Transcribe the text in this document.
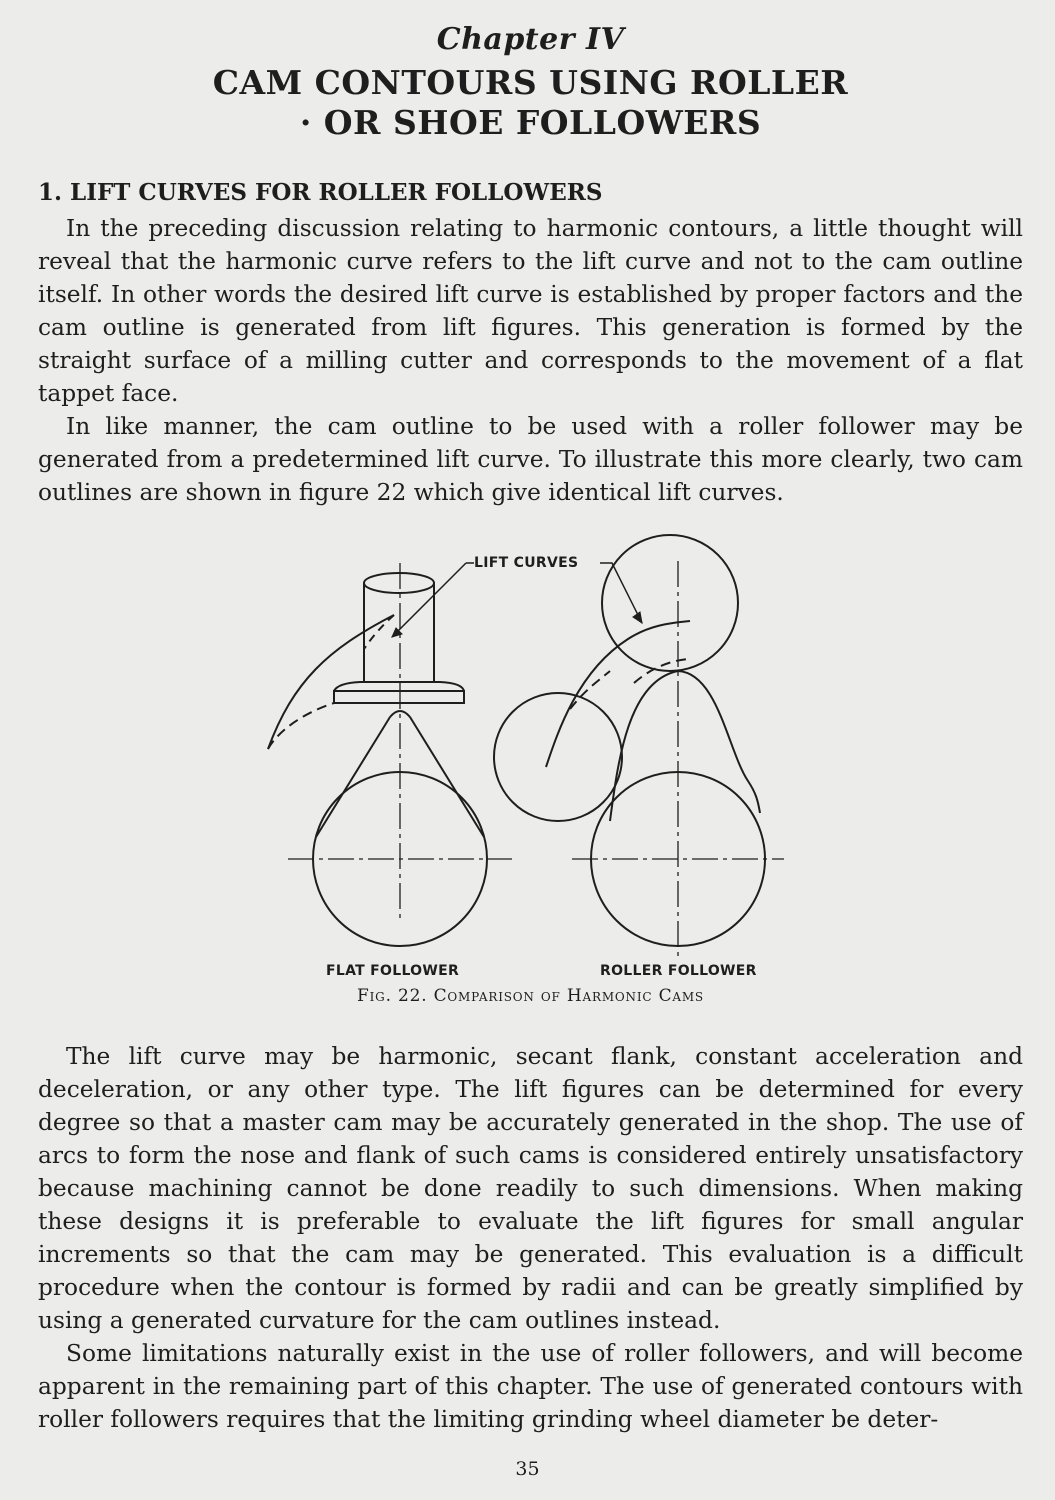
Chapter IV
CAM CONTOURS USING ROLLER
· OR SHOE FOLLOWERS
1. LIFT CURVES FOR ROLLER FOLLOWERS

In the preceding discussion relating to harmonic contours, a little thought will reveal that the harmonic curve refers to the lift curve and not to the cam outline itself. In other words the desired lift curve is established by proper factors and the cam outline is generated from lift figures. This generation is formed by the straight surface of a milling cutter and corresponds to the movement of a flat tappet face.

In like manner, the cam outline to be used with a roller follower may be generated from a predetermined lift curve. To illustrate this more clearly, two cam outlines are shown in figure 22 which give identical lift curves.

LIFT CURVES
FLAT FOLLOWER	ROLLER FOLLOWER
Fig. 22. Comparison of Harmonic Cams

The lift curve may be harmonic, secant flank, constant acceleration and deceleration, or any other type. The lift figures can be determined for every degree so that a master cam may be accurately generated in the shop. The use of arcs to form the nose and flank of such cams is considered entirely unsatisfactory because machining cannot be done readily to such dimensions. When making these designs it is preferable to evaluate the lift figures for small angular increments so that the cam may be generated. This evaluation is a difficult procedure when the contour is formed by radii and can be greatly simplified by using a generated curvature for the cam outlines instead.

Some limitations naturally exist in the use of roller followers, and will become apparent in the remaining part of this chapter. The use of generated contours with roller followers requires that the limiting grinding wheel diameter be deter-

35
